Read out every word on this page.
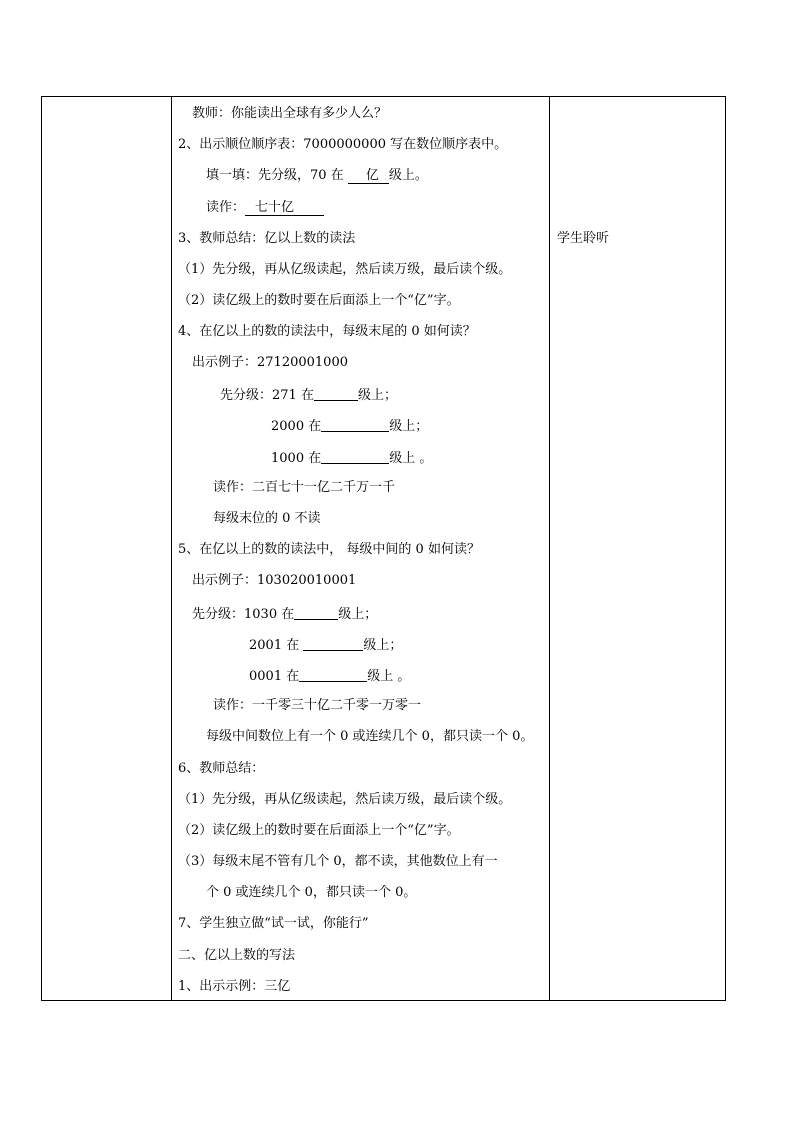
教师：你能读出全球有多少人么？
2、出示顺位顺序表：7000000000 写在数位顺序表中。
填一填：先分级，70 在 亿 级上。
读作： 七十亿
3、教师总结：亿以上数的读法
（1）先分级，再从亿级读起，然后读万级，最后读个级。
（2）读亿级上的数时要在后面添上一个“亿”字。
4、在亿以上的数的读法中，每级末尾的 0 如何读？
出示例子：27120001000
先分级：271 在	级上；
2000 在	级上；
1000 在	级上 。
读作：二百七十一亿二千万一千
每级末位的 0 不读
5、在亿以上的数的读法中， 每级中间的 0 如何读？
出示例子：103020010001
先分级：1030 在	级上；
2001 在	级上；
0001 在	级上 。
读作：一千零三十亿二千零一万零一
每级中间数位上有一个 0 或连续几个 0，都只读一个 0。
6、教师总结：
（1）先分级，再从亿级读起，然后读万级，最后读个级。
（2）读亿级上的数时要在后面添上一个“亿”字。
（3）每级末尾不管有几个 0，都不读，其他数位上有一
个 0 或连续几个 0，都只读一个 0。
7、学生独立做“试一试，你能行”
二、亿以上数的写法
1、出示示例：三亿
学生聆听
